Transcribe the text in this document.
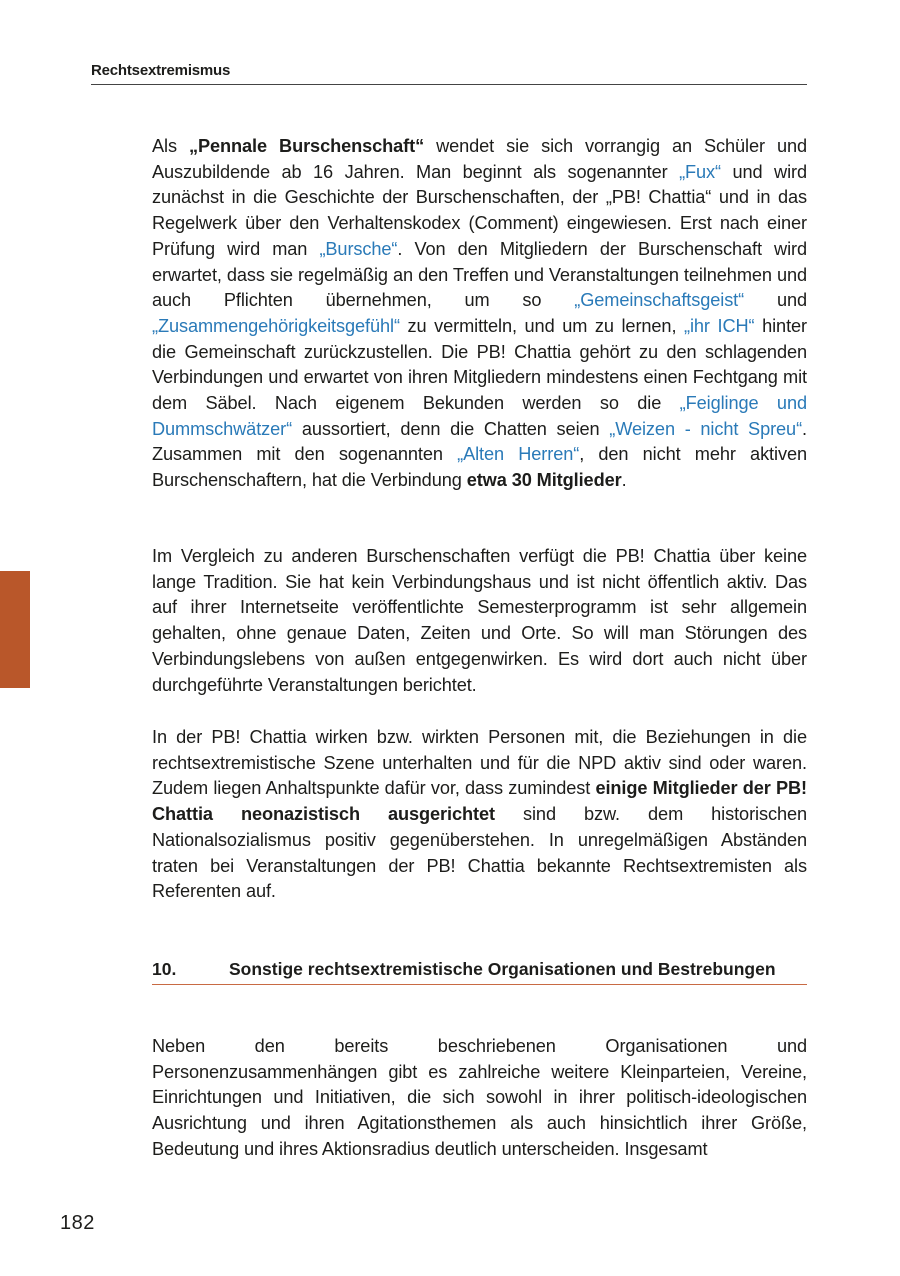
Rechtsextremismus

Als „Pennale Burschenschaft“ wendet sie sich vorrangig an Schüler und Auszubildende ab 16 Jahren. Man beginnt als sogenannter „Fux“ und wird zunächst in die Geschichte der Burschenschaften, der „PB! Chattia“ und in das Regelwerk über den Verhaltenskodex (Comment) eingewiesen. Erst nach einer Prüfung wird man „Bursche“. Von den Mitgliedern der Burschenschaft wird erwartet, dass sie regelmäßig an den Treffen und Veranstaltungen teilnehmen und auch Pflichten übernehmen, um so „Gemeinschaftsgeist“ und „Zusammengehörigkeitsgefühl“ zu vermitteln, und um zu lernen, „ihr ICH“ hinter die Gemeinschaft zurückzustellen. Die PB! Chattia gehört zu den schlagenden Verbindungen und erwartet von ihren Mitgliedern mindestens einen Fechtgang mit dem Säbel. Nach eigenem Bekunden werden so die „Feiglinge und Dummschwätzer“ aussortiert, denn die Chatten seien „Weizen - nicht Spreu“. Zusammen mit den sogenannten „Alten Herren“, den nicht mehr aktiven Burschenschaftern, hat die Verbindung etwa 30 Mitglieder.

Im Vergleich zu anderen Burschenschaften verfügt die PB! Chattia über keine lange Tradition. Sie hat kein Verbindungshaus und ist nicht öffentlich aktiv. Das auf ihrer Internetseite veröffentlichte Semesterprogramm ist sehr allgemein gehalten, ohne genaue Daten, Zeiten und Orte. So will man Störungen des Verbindungslebens von außen entgegenwirken. Es wird dort auch nicht über durchgeführte Veranstaltungen berichtet.

In der PB! Chattia wirken bzw. wirkten Personen mit, die Beziehungen in die rechtsextremistische Szene unterhalten und für die NPD aktiv sind oder waren. Zudem liegen Anhaltspunkte dafür vor, dass zumindest einige Mitglieder der PB! Chattia neonazistisch ausgerichtet sind bzw. dem historischen Nationalsozialismus positiv gegenüberstehen. In unregelmäßigen Abständen traten bei Veranstaltungen der PB! Chattia bekannte Rechtsextremisten als Referenten auf.

10.	Sonstige rechtsextremistische Organisationen und Bestrebungen

Neben den bereits beschriebenen Organisationen und Personenzusammenhängen gibt es zahlreiche weitere Kleinparteien, Vereine, Einrichtungen und Initiativen, die sich sowohl in ihrer politisch-ideologischen Ausrichtung und ihren Agitationsthemen als auch hinsichtlich ihrer Größe, Bedeutung und ihres Aktionsradius deutlich unterscheiden. Insgesamt

182
